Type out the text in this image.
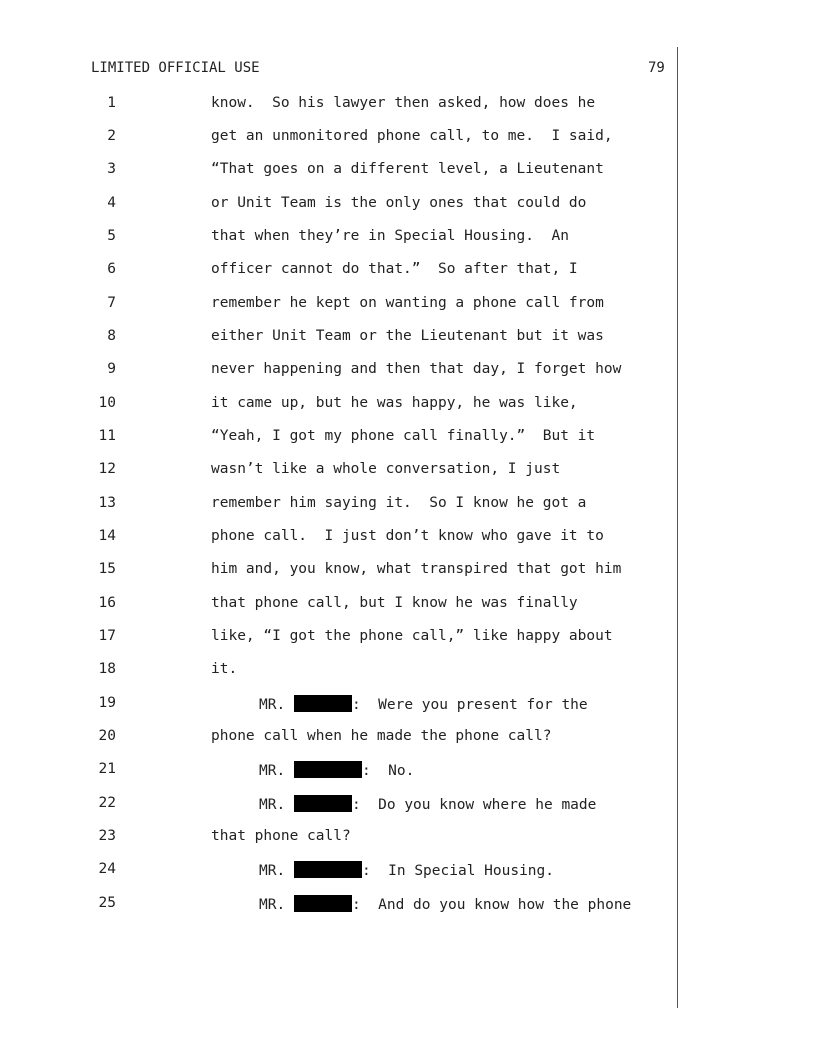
LIMITED OFFICIAL USE	79
1	know.  So his lawyer then asked, how does he
2	get an unmonitored phone call, to me.  I said,
3	“That goes on a different level, a Lieutenant
4	or Unit Team is the only ones that could do
5	that when they’re in Special Housing.  An
6	officer cannot do that.”  So after that, I
7	remember he kept on wanting a phone call from
8	either Unit Team or the Lieutenant but it was
9	never happening and then that day, I forget how
10	it came up, but he was happy, he was like,
11	“Yeah, I got my phone call finally.”  But it
12	wasn’t like a whole conversation, I just
13	remember him saying it.  So I know he got a
14	phone call.  I just don’t know who gave it to
15	him and, you know, what transpired that got him
16	that phone call, but I know he was finally
17	like, “I got the phone call,” like happy about
18	it.
19	MR.	:  Were you present for the
20	phone call when he made the phone call?
21	MR.	:  No.
22	MR.	:  Do you know where he made
23	that phone call?
24	MR.	:  In Special Housing.
25	MR.	:  And do you know how the phone
